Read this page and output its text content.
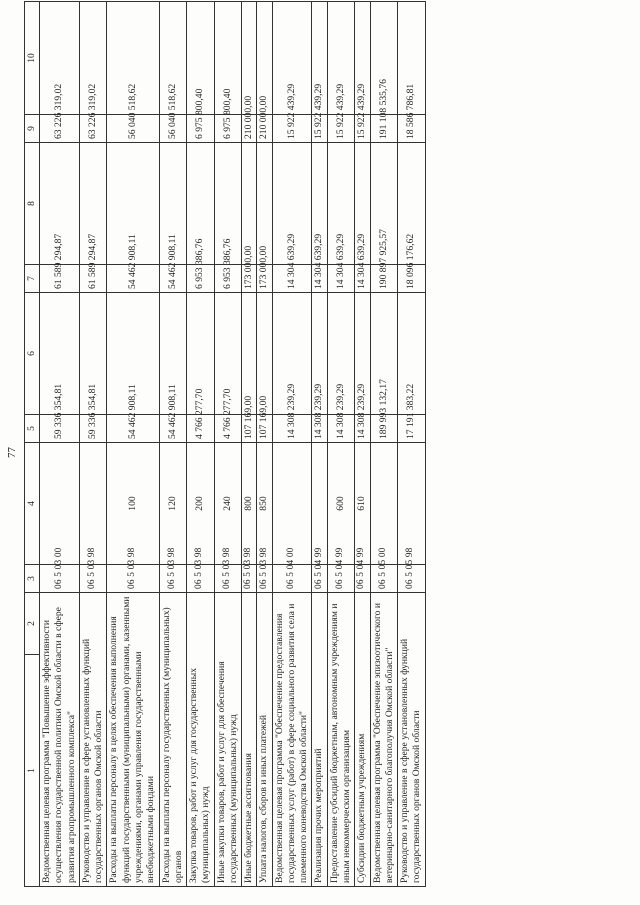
77
1	2	3	4	5	6	7	8	9	10
Ведомственная целевая программа "Повышение эффективности осуществления государственной политики Омской области в сфере развития агропромышленного комплекса"		06 5 03 00		59 336 354,81		61 589 294,87		63 226 319,02	
Руководство и управление в сфере установленных функций государственных органов Омской области		06 5 03 98		59 336 354,81		61 589 294,87		63 226 319,02	
Расходы на выплаты персоналу в целях обеспечения выполнения функций государственными (муниципальными) органами, казенными учреждениями, органами управления государственными внебюджетными фондами		06 5 03 98	100	54 462 908,11		54 462 908,11		56 040 518,62	
Расходы на выплаты персоналу государственных (муниципальных) органов		06 5 03 98	120	54 462 908,11		54 462 908,11		56 040 518,62	
Закупка товаров, работ и услуг для государственных (муниципальных) нужд		06 5 03 98	200	4 766 277,70		6 953 386,76		6 975 800,40	
Иные закупки товаров, работ и услуг для обеспечения государственных (муниципальных) нужд		06 5 03 98	240	4 766 277,70		6 953 386,76		6 975 800,40	
Иные бюджетные ассигнования		06 5 03 98	800	107 169,00		173 000,00		210 000,00	
Уплата налогов, сборов и иных платежей		06 5 03 98	850	107 169,00		173 000,00		210 000,00	
Ведомственная целевая программа "Обеспечение предоставления государственных услуг (работ) в сфере социального развития села и племенного коневодства Омской области"		06 5 04 00		14 308 239,29		14 304 639,29		15 922 439,29	
Реализация прочих мероприятий		06 5 04 99		14 308 239,29		14 304 639,29		15 922 439,29	
Предоставление субсидий бюджетным, автономным учреждениям и иным некоммерческим организациям		06 5 04 99	600	14 308 239,29		14 304 639,29		15 922 439,29	
Субсидии бюджетным учреждениям		06 5 04 99	610	14 308 239,29		14 304 639,29		15 922 439,29	
Ведомственная целевая программа "Обеспечение эпизоотического и ветеринарно-санитарного благополучия Омской области"		06 5 05 00		189 993 132,17		190 897 925,57		191 108 535,76	
Руководство и управление в сфере установленных функций государственных органов Омской области		06 5 05 98		17 191 383,22		18 096 176,62		18 586 786,81	
